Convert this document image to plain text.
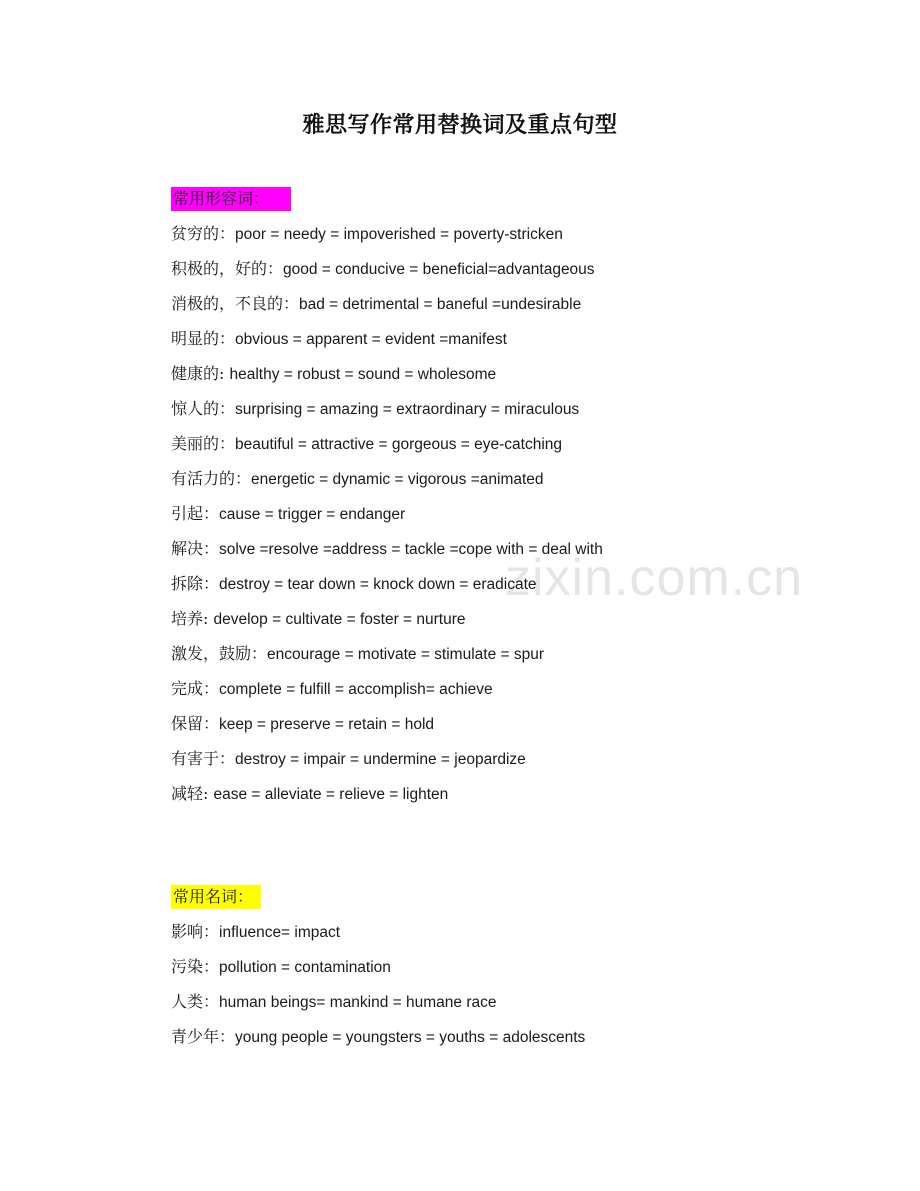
雅思写作常用替换词及重点句型
zixin.com.cn
常用形容词：
贫穷的：poor = needy = impoverished = poverty-stricken
积极的，好的：good = conducive = beneficial=advantageous
消极的，不良的：bad = detrimental = baneful =undesirable
明显的：obvious = apparent = evident =manifest
健康的: healthy = robust = sound = wholesome
惊人的：surprising = amazing = extraordinary = miraculous
美丽的：beautiful = attractive = gorgeous = eye-catching
有活力的：energetic = dynamic = vigorous =animated
引起：cause = trigger = endanger
解决：solve =resolve =address = tackle =cope with = deal with
拆除：destroy = tear down = knock down = eradicate
培养: develop = cultivate = foster = nurture
激发，鼓励：encourage = motivate = stimulate = spur
完成：complete = fulfill = accomplish= achieve
保留：keep = preserve = retain = hold
有害于：destroy = impair = undermine = jeopardize
减轻: ease = alleviate = relieve = lighten
常用名词：
影响：influence= impact
污染：pollution = contamination
人类：human beings= mankind = humane race
青少年：young people = youngsters = youths = adolescents
